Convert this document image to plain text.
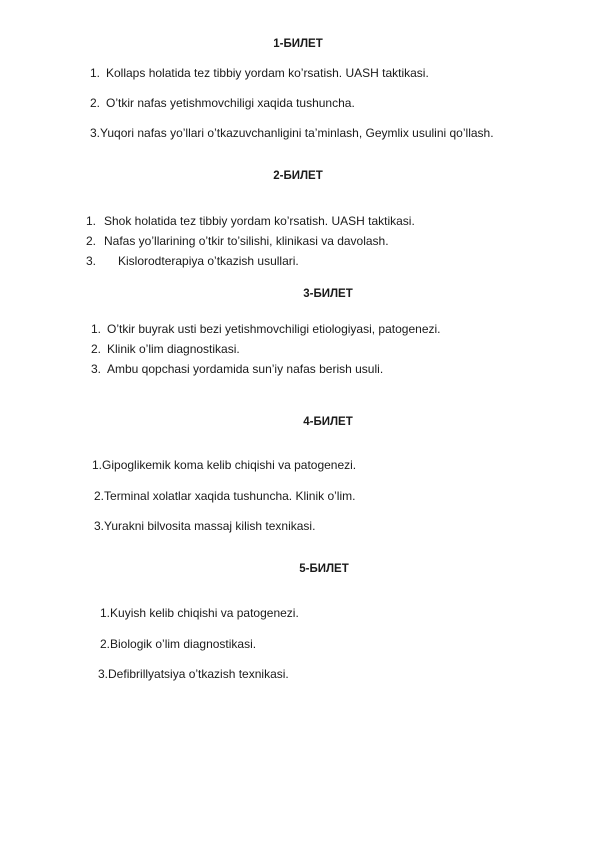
1-БИЛЕТ
1. Kollaps holatida tez tibbiy yordam ko’rsatish. UASH taktikasi.
2. O’tkir nafas yetishmovchiligi xaqida tushuncha.
3.Yuqori nafas yo’llari o’tkazuvchanligini ta’minlash, Geymlix usulini qo’llash.
2-БИЛЕТ
1. Shok holatida tez tibbiy yordam ko’rsatish. UASH taktikasi.
2. Nafas yo’llarining o’tkir to’silishi, klinikasi va davolash.
3. Kislorodterapiya o’tkazish usullari.
3-БИЛЕТ
1. O’tkir buyrak usti bezi yetishmovchiligi etiologiyasi, patogenezi.
2. Klinik o’lim diagnostikasi.
3. Ambu qopchasi yordamida sun’iy nafas berish usuli.
4-БИЛЕТ
1.Gipoglikemik koma kelib chiqishi va patogenezi.
2.Terminal xolatlar xaqida tushuncha. Klinik o’lim.
3.Yurakni bilvosita massaj kilish texnikasi.
5-БИЛЕТ
1.Kuyish kelib chiqishi va patogenezi.
2.Biologik o’lim diagnostikasi.
3.Defibrillyatsiya o’tkazish texnikasi.
